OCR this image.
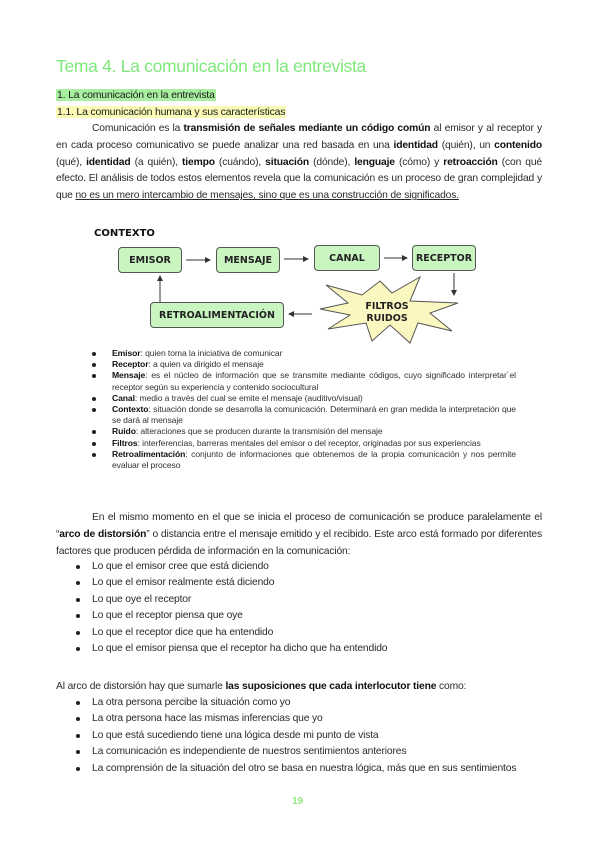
Tema 4. La comunicación en la entrevista
1. La comunicación en la entrevista
1.1. La comunicación humana y sus características
Comunicación es la transmisión de señales mediante un código común al emisor y al receptor y en cada proceso comunicativo se puede analizar una red basada en una identidad (quién), un contenido (qué), identidad (a quién), tiempo (cuándo), situación (dónde), lenguaje (cómo) y retroacción (con qué efecto. El análisis de todos estos elementos revela que la comunicación es un proceso de gran complejidad y que no es un mero intercambio de mensajes, sino que es una construcción de significados.
CONTEXTO
EMISOR	MENSAJE	CANAL	RECEPTOR
RETROALIMENTACIÓN
FILTROS
RUIDOS
Emisor: quien toma la iniciativa de comunicar
Receptor: a quien va dirigido el mensaje
Mensaje: es el núcleo de información que se transmite mediante códigos, cuyo significado interpretar´el receptor según su experiencia y contenido sociocultural
Canal: medio a través del cual se emite el mensaje (auditivo/visual)
Contexto: situación donde se desarrolla la comunicación. Determinará en gran medida la interpretación que se dará al mensaje
Ruido: alteraciones que se producen durante la transmisión del mensaje
Filtros: interferencias, barreras mentales del emisor o del receptor, originadas por sus experiencias
Retroalimentación: conjunto de informaciones que obtenemos de la propia comunicación y nos permite evaluar el proceso
En el mismo momento en el que se inicia el proceso de comunicación se produce paralelamente el “arco de distorsión” o distancia entre el mensaje emitido y el recibido. Este arco está formado por diferentes factores que producen pérdida de información en la comunicación:
Lo que el emisor cree que está diciendo
Lo que el emisor realmente está diciendo
Lo que oye el receptor
Lo que el receptor piensa que oye
Lo que el receptor dice que ha entendido
Lo que el emisor piensa que el receptor ha dicho que ha entendido
Al arco de distorsión hay que sumarle las suposiciones que cada interlocutor tiene como:
La otra persona percibe la situación como yo
La otra persona hace las mismas inferencias que yo
Lo que está sucediendo tiene una lógica desde mi punto de vista
La comunicación es independiente de nuestros sentimientos anteriores
La comprensión de la situación del otro se basa en nuestra lógica, más que en sus sentimientos
19
